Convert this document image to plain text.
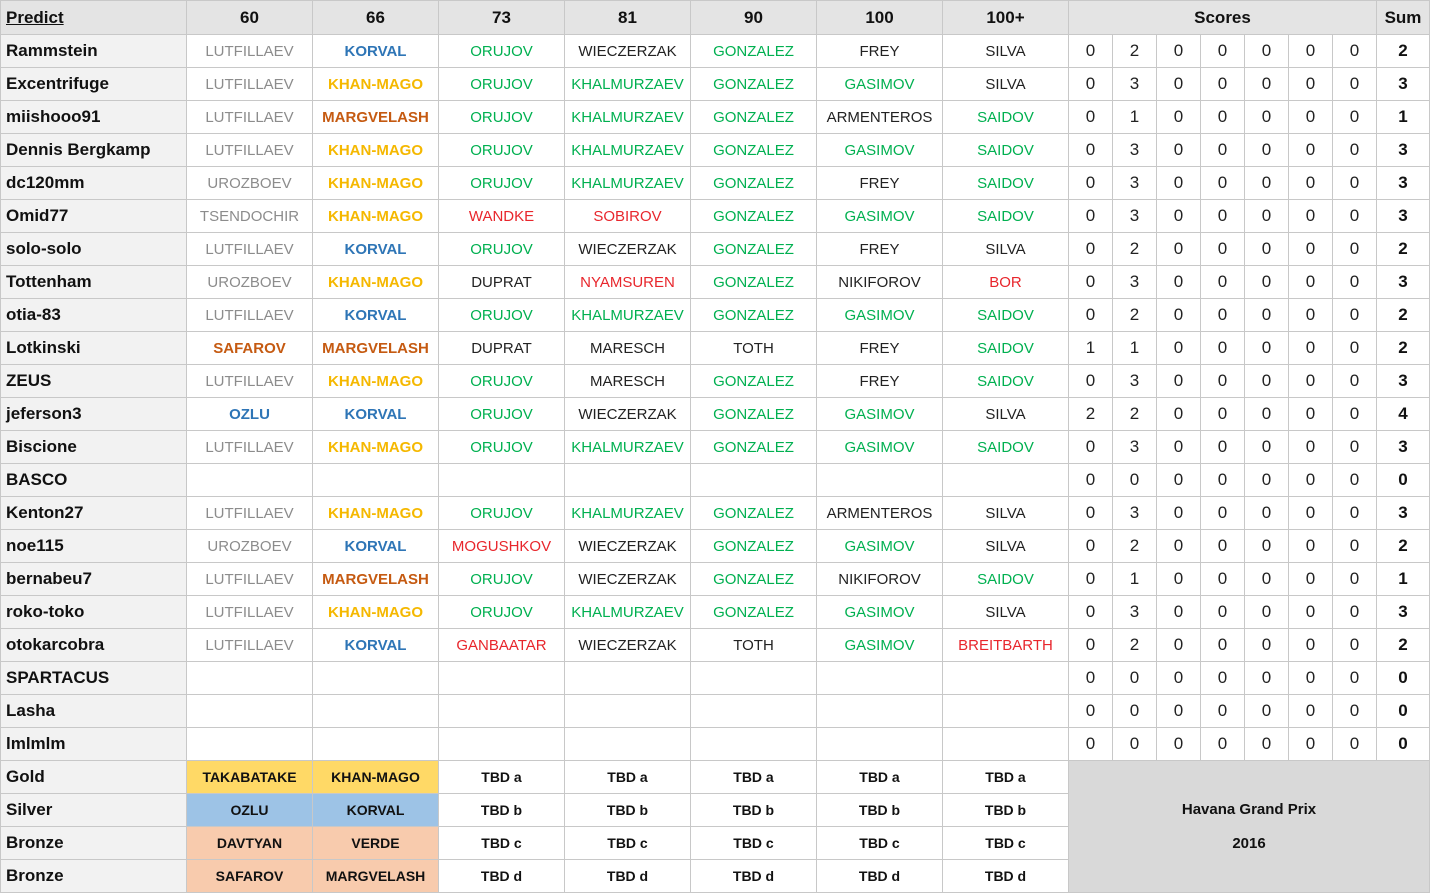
Predict	60	66	73	81	90	100	100+	Scores							Sum
Rammstein	LUTFILLAEV	KORVAL	ORUJOV	WIECZERZAK	GONZALEZ	FREY	SILVA	0	2	0	0	0	0	0	2
Excentrifuge	LUTFILLAEV	KHAN-MAGO	ORUJOV	KHALMURZAEV	GONZALEZ	GASIMOV	SILVA	0	3	0	0	0	0	0	3
miishooo91	LUTFILLAEV	MARGVELASH	ORUJOV	KHALMURZAEV	GONZALEZ	ARMENTEROS	SAIDOV	0	1	0	0	0	0	0	1
Dennis Bergkamp	LUTFILLAEV	KHAN-MAGO	ORUJOV	KHALMURZAEV	GONZALEZ	GASIMOV	SAIDOV	0	3	0	0	0	0	0	3
dc120mm	UROZBOEV	KHAN-MAGO	ORUJOV	KHALMURZAEV	GONZALEZ	FREY	SAIDOV	0	3	0	0	0	0	0	3
Omid77	TSENDOCHIR	KHAN-MAGO	WANDKE	SOBIROV	GONZALEZ	GASIMOV	SAIDOV	0	3	0	0	0	0	0	3
solo-solo	LUTFILLAEV	KORVAL	ORUJOV	WIECZERZAK	GONZALEZ	FREY	SILVA	0	2	0	0	0	0	0	2
Tottenham	UROZBOEV	KHAN-MAGO	DUPRAT	NYAMSUREN	GONZALEZ	NIKIFOROV	BOR	0	3	0	0	0	0	0	3
otia-83	LUTFILLAEV	KORVAL	ORUJOV	KHALMURZAEV	GONZALEZ	GASIMOV	SAIDOV	0	2	0	0	0	0	0	2
Lotkinski	SAFAROV	MARGVELASH	DUPRAT	MARESCH	TOTH	FREY	SAIDOV	1	1	0	0	0	0	0	2
ZEUS	LUTFILLAEV	KHAN-MAGO	ORUJOV	MARESCH	GONZALEZ	FREY	SAIDOV	0	3	0	0	0	0	0	3
jeferson3	OZLU	KORVAL	ORUJOV	WIECZERZAK	GONZALEZ	GASIMOV	SILVA	2	2	0	0	0	0	0	4
Biscione	LUTFILLAEV	KHAN-MAGO	ORUJOV	KHALMURZAEV	GONZALEZ	GASIMOV	SAIDOV	0	3	0	0	0	0	0	3
BASCO								0	0	0	0	0	0	0	0
Kenton27	LUTFILLAEV	KHAN-MAGO	ORUJOV	KHALMURZAEV	GONZALEZ	ARMENTEROS	SILVA	0	3	0	0	0	0	0	3
noe115	UROZBOEV	KORVAL	MOGUSHKOV	WIECZERZAK	GONZALEZ	GASIMOV	SILVA	0	2	0	0	0	0	0	2
bernabeu7	LUTFILLAEV	MARGVELASH	ORUJOV	WIECZERZAK	GONZALEZ	NIKIFOROV	SAIDOV	0	1	0	0	0	0	0	1
roko-toko	LUTFILLAEV	KHAN-MAGO	ORUJOV	KHALMURZAEV	GONZALEZ	GASIMOV	SILVA	0	3	0	0	0	0	0	3
otokarcobra	LUTFILLAEV	KORVAL	GANBAATAR	WIECZERZAK	TOTH	GASIMOV	BREITBARTH	0	2	0	0	0	0	0	2
SPARTACUS								0	0	0	0	0	0	0	0
Lasha								0	0	0	0	0	0	0	0
lmlmlm								0	0	0	0	0	0	0	0
Gold	TAKABATAKE	KHAN-MAGO	TBD a	TBD a	TBD a	TBD a	TBD a	Havana Grand Prix
2016							

Silver	OZLU	KORVAL	TBD b	TBD b	TBD b	TBD b	TBD b								
Bronze	DAVTYAN	VERDE	TBD c	TBD c	TBD c	TBD c	TBD c								
Bronze	SAFAROV	MARGVELASH	TBD d	TBD d	TBD d	TBD d	TBD d								
